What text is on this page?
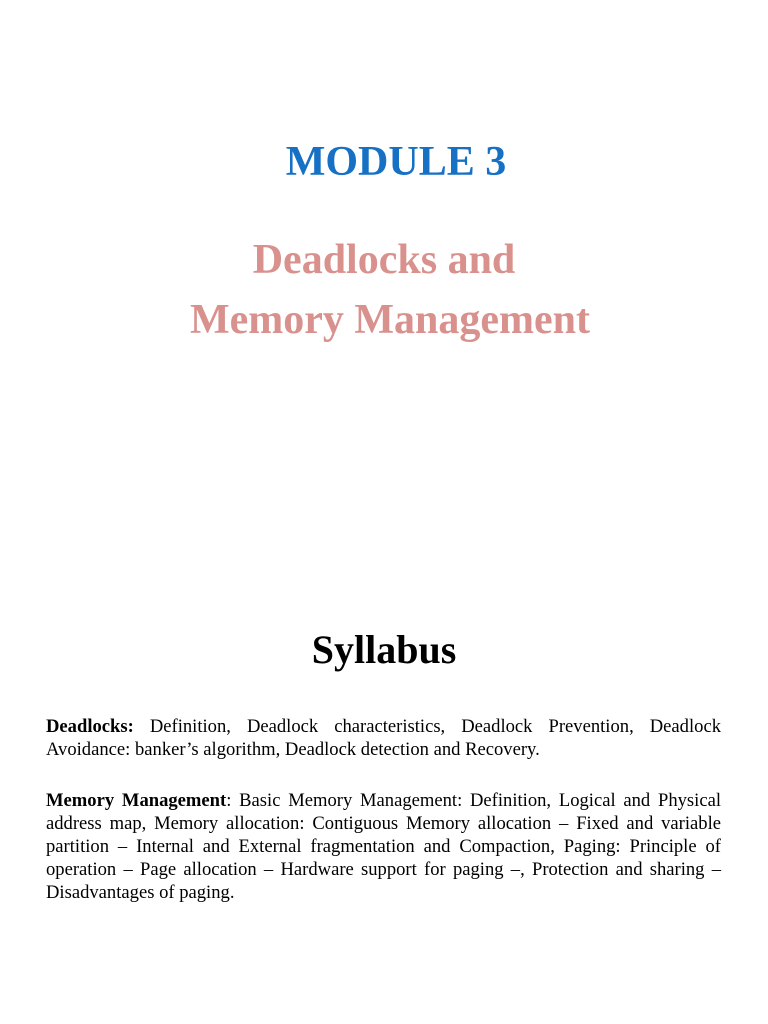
MODULE 3
Deadlocks and
Memory Management
Syllabus

Deadlocks: Definition, Deadlock characteristics, Deadlock Prevention, Deadlock Avoidance: banker’s algorithm, Deadlock detection and Recovery.

Memory Management: Basic Memory Management: Definition, Logical and Physical address map, Memory allocation: Contiguous Memory allocation – Fixed and variable partition – Internal and External fragmentation and Compaction, Paging: Principle of operation – Page allocation – Hardware support for paging –, Protection and sharing – Disadvantages of paging.
